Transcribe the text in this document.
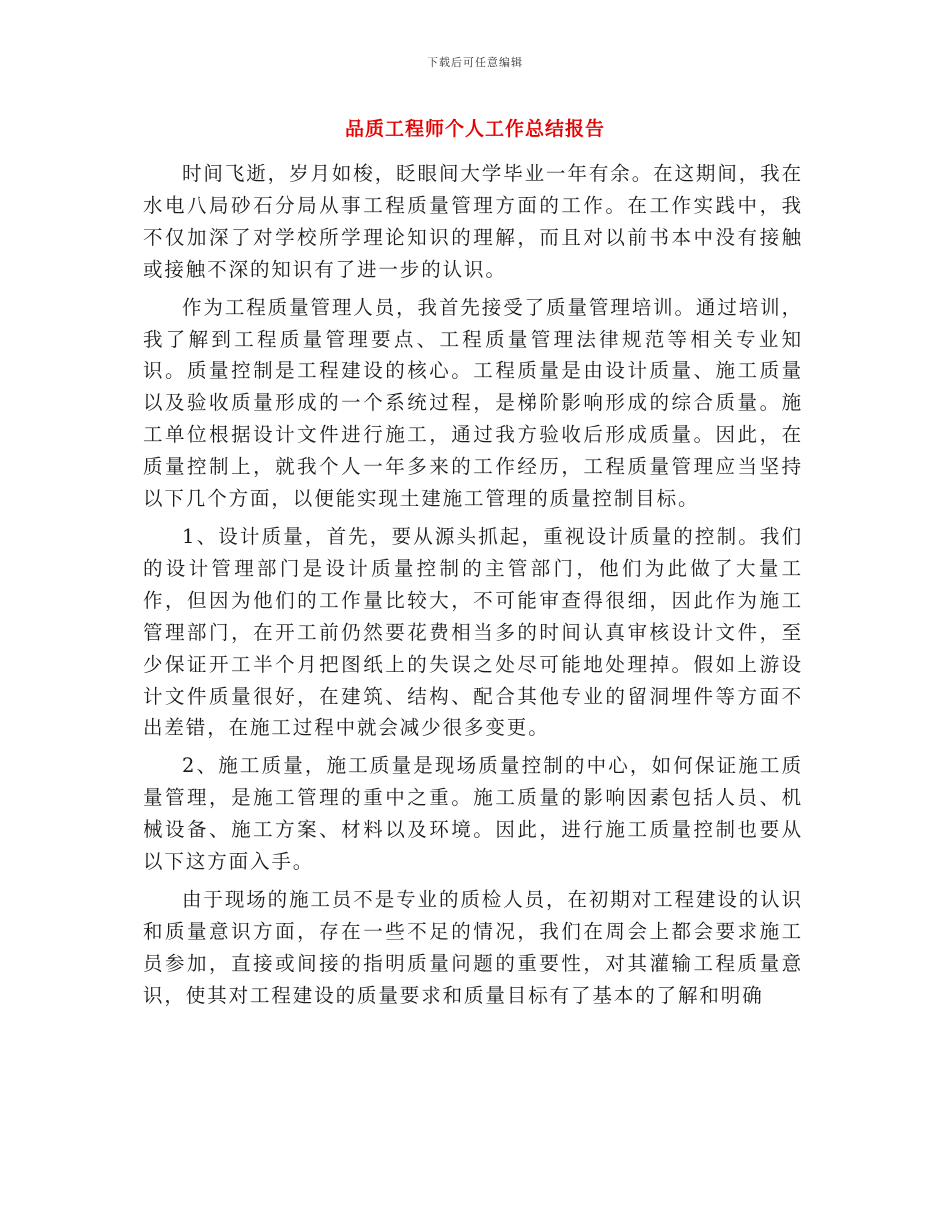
下载后可任意编辑
品质工程师个人工作总结报告

时间飞逝，岁月如梭，眨眼间大学毕业一年有余。在这期间，我在水电八局砂石分局从事工程质量管理方面的工作。在工作实践中，我不仅加深了对学校所学理论知识的理解，而且对以前书本中没有接触或接触不深的知识有了进一步的认识。

作为工程质量管理人员，我首先接受了质量管理培训。通过培训，我了解到工程质量管理要点、工程质量管理法律规范等相关专业知识。质量控制是工程建设的核心。工程质量是由设计质量、施工质量以及验收质量形成的一个系统过程，是梯阶影响形成的综合质量。施工单位根据设计文件进行施工，通过我方验收后形成质量。因此，在质量控制上，就我个人一年多来的工作经历，工程质量管理应当坚持以下几个方面，以便能实现土建施工管理的质量控制目标。

1、设计质量，首先，要从源头抓起，重视设计质量的控制。我们的设计管理部门是设计质量控制的主管部门，他们为此做了大量工作，但因为他们的工作量比较大，不可能审查得很细，因此作为施工管理部门，在开工前仍然要花费相当多的时间认真审核设计文件，至少保证开工半个月把图纸上的失误之处尽可能地处理掉。假如上游设计文件质量很好，在建筑、结构、配合其他专业的留洞埋件等方面不出差错，在施工过程中就会减少很多变更。

2、施工质量，施工质量是现场质量控制的中心，如何保证施工质量管理，是施工管理的重中之重。施工质量的影响因素包括人员、机械设备、施工方案、材料以及环境。因此，进行施工质量控制也要从以下这方面入手。

由于现场的施工员不是专业的质检人员，在初期对工程建设的认识和质量意识方面，存在一些不足的情况，我们在周会上都会要求施工员参加，直接或间接的指明质量问题的重要性，对其灌输工程质量意识，使其对工程建设的质量要求和质量目标有了基本的了解和明确
